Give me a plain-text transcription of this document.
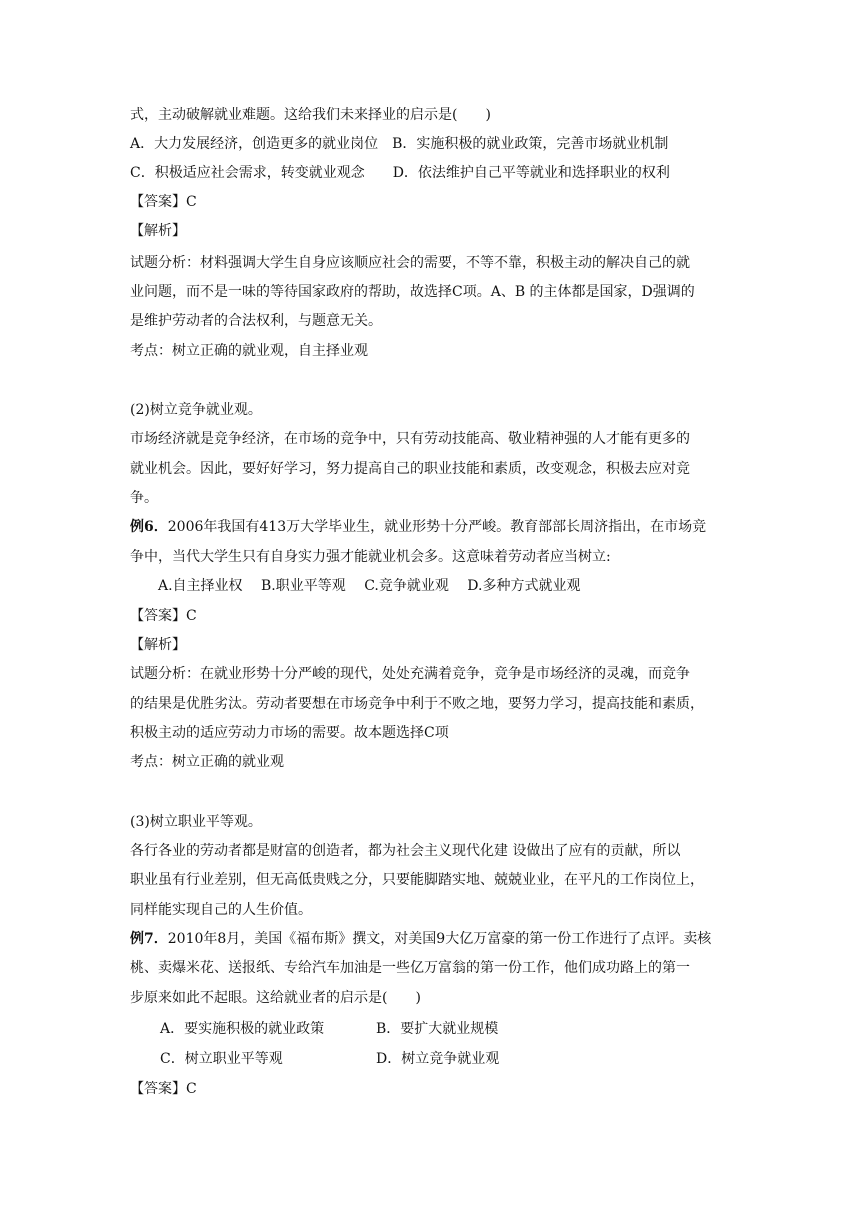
式，主动破解就业难题。这给我们未来择业的启示是(　　)
A．大力发展经济，创造更多的就业岗位　B．实施积极的就业政策，完善市场就业机制
C．积极适应社会需求，转变就业观念　　D．依法维护自己平等就业和选择职业的权利
【答案】C
【解析】
试题分析：材料强调大学生自身应该顺应社会的需要，不等不靠，积极主动的解决自己的就
业问题，而不是一味的等待国家政府的帮助，故选择C项。A、B 的主体都是国家，D强调的
是维护劳动者的合法权利，与题意无关。
考点：树立正确的就业观，自主择业观
(2)树立竞争就业观。
市场经济就是竞争经济，在市场的竞争中，只有劳动技能高、敬业精神强的人才能有更多的
就业机会。因此，要好好学习，努力提高自己的职业技能和素质，改变观念，积极去应对竞
争。
例6．2006年我国有413万大学毕业生，就业形势十分严峻。教育部部长周济指出，在市场竞
争中，当代大学生只有自身实力强才能就业机会多。这意味着劳动者应当树立:
A.自主择业权　 B.职业平等观　 C.竞争就业观　 D.多种方式就业观
【答案】C
【解析】
试题分析：在就业形势十分严峻的现代，处处充满着竞争，竞争是市场经济的灵魂，而竞争
的结果是优胜劣汰。劳动者要想在市场竞争中利于不败之地，要努力学习，提高技能和素质，
积极主动的适应劳动力市场的需要。故本题选择C项
考点：树立正确的就业观
(3)树立职业平等观。
各行各业的劳动者都是财富的创造者，都为社会主义现代化建 设做出了应有的贡献，所以
职业虽有行业差别，但无高低贵贱之分，只要能脚踏实地、兢兢业业，在平凡的工作岗位上，
同样能实现自己的人生价值。
例7．2010年8月，美国《福布斯》撰文，对美国9大亿万富豪的第一份工作进行了点评。卖核
桃、卖爆米花、送报纸、专给汽车加油是一些亿万富翁的第一份工作，他们成功路上的第一
步原来如此不起眼。这给就业者的启示是(　　)
A．要实施积极的就业政策	B．要扩大就业规模
C．树立职业平等观	D．树立竞争就业观
【答案】C
